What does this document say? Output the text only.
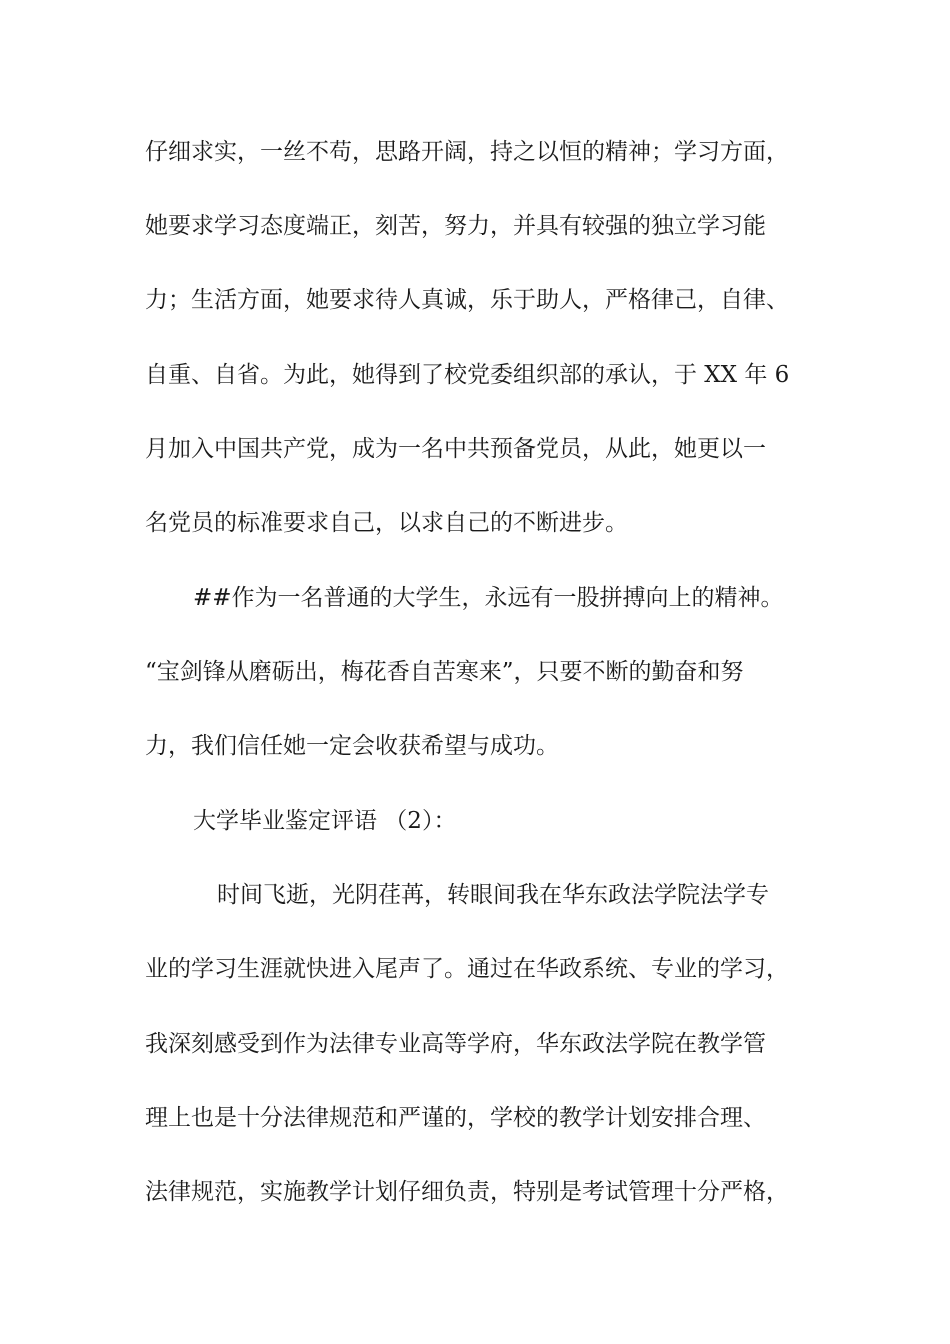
仔细求实，一丝不苟，思路开阔，持之以恒的精神；学习方面，
她要求学习态度端正，刻苦，努力，并具有较强的独立学习能
力；生活方面，她要求待人真诚，乐于助人，严格律己，自律、
自重、自省。为此，她得到了校党委组织部的承认，于 XX 年 6
月加入中国共产党，成为一名中共预备党员，从此，她更以一
名党员的标准要求自己，以求自己的不断进步。
##作为一名普通的大学生，永远有一股拼搏向上的精神。
“宝剑锋从磨砺出，梅花香自苦寒来”，只要不断的勤奋和努
力，我们信任她一定会收获希望与成功。
大学毕业鉴定评语 （2）：
时间飞逝，光阴荏苒，转眼间我在华东政法学院法学专
业的学习生涯就快进入尾声了。通过在华政系统、专业的学习，
我深刻感受到作为法律专业高等学府，华东政法学院在教学管
理上也是十分法律规范和严谨的，学校的教学计划安排合理、
法律规范，实施教学计划仔细负责，特别是考试管理十分严格，
